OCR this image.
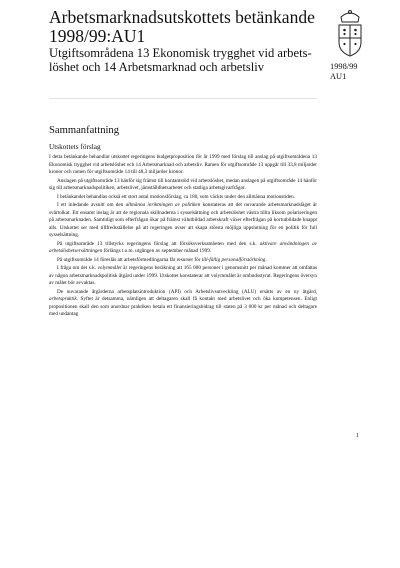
Arbetsmarknadsutskottets betänkande
1998/99:AU1
Utgiftsområdena 13 Ekonomisk trygghet vid arbets-
löshet och 14 Arbetsmarknad och arbetsliv	1998/99
AU1
Sammanfattning
Utskottets förslag

I detta betänkande behandlar utskottet regeringens budgetproposition för år 1999 med förslag till anslag på utgiftsområdena 13 Ekonomisk trygghet vid arbetslöshet och 14 Arbetsmarknad och arbetsliv. Ramen för utgiftsområde 13 uppgår till 33,8 miljarder kronor och ramen för utgiftsområde 14 till 48,3 miljarder kronor.

Anslagen på utgiftsområde 13 hänför sig främst till kontantstöd vid arbetslöshet, medan anslagen på utgiftsområde 14 hänför sig till arbetsmarknadspolitiken, arbetslivet, jämställdhetsarbetet och statliga arbetsgivarfrågor.

I betänkandet behandlas också ett stort antal motionsförslag, ca 180, som väckts under den allmänna motionstiden.

I ett inledande avsnitt om den allmänna inriktningen av politiken konstateras att det nuvarande arbetsmarknadsläget är svårtolkat. Ett ensamt inslag är att de regionala skillnaderna i sysselsättning och arbetslöshet västra tillta liksom polariseringen på arbetsmarknaden. Samtidigt som efterfrågan ökar på främst välutbildad arbetskraft växer efterfrågan på kortutbildade knappt alls. Utskottet ser med tillfredsställelse på att regeringen avser att skapa största möjliga uppslutning för en politik för full sysselsättning.

På utgiftsområde 13 tillstyrks regeringens förslag att försöksverksamheten med den s.k. aktivare användningen av arbetslöshetsersättningen förlängs t.o.m. utgången av september månad 1999.

På utgiftsområde 14 föreslås att arbetsförmedlingarna får resurser för till-fällig personalförstärkning.

I fråga om det s.k. volymmålet är regeringens beräkning att 165 000 personer i genomsnitt per månad kommer att omfattas av någon arbetsmarknadspolitisk åtgärd under 1999. Utskottet konstaterar att volymmålet är ombudsstyrat. Regeringens översyn av målet bör avvaktas.

De nuvarande åtgärderna arbetsplatsintroduktion (API) och Arbetslivsutveckling (ALU) ersätts av en ny åtgärd, arbetspraktik. Syftet är detsamma, nämligen att deltagaren skall få kontakt med arbetslivet och öka kompetensen. Enligt propositionen skall den som anordnar praktiken betala ett finansieringsbidrag till staten på 3 000 kr per månad och deltagare med undantag

1
